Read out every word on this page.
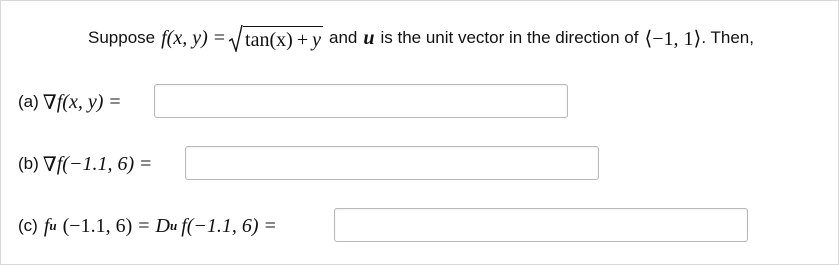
Suppose f(x, y) = tan(x) + y and u is the unit vector in the direction of ⟨−1, 1⟩ . Then,
(a) ∇ f(x, y) =
(b) ∇ f(−1.1, 6) =
(c) f u (−1.1, 6) = D u f(−1.1, 6) =
